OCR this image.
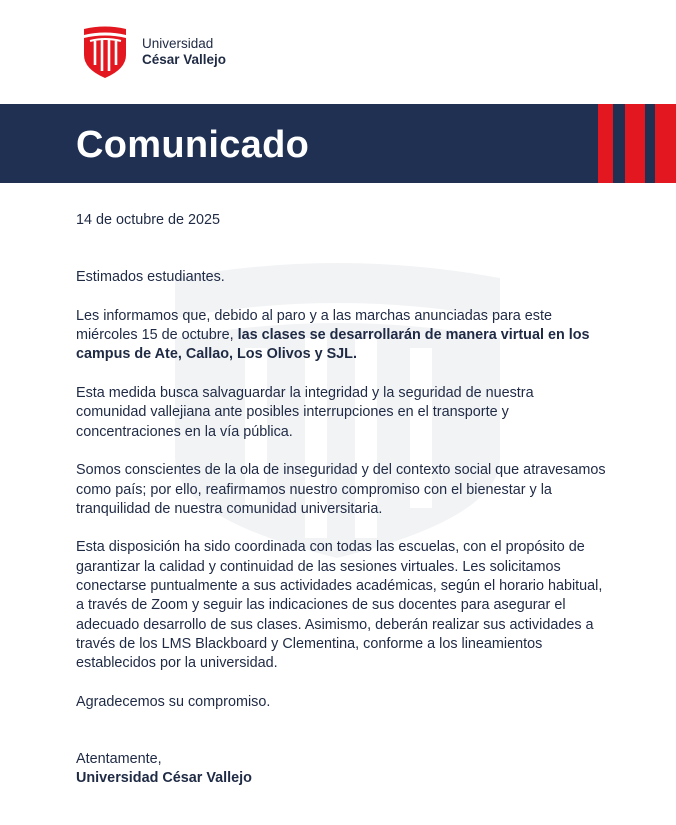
Universidad
César Vallejo
Comunicado

14 de octubre de 2025

Estimados estudiantes.

Les informamos que, debido al paro y a las marchas anunciadas para este miércoles 15 de octubre, las clases se desarrollarán de manera virtual en los campus de Ate, Callao, Los Olivos y SJL.

Esta medida busca salvaguardar la integridad y la seguridad de nuestra comunidad vallejiana ante posibles interrupciones en el transporte y concentraciones en la vía pública.

Somos conscientes de la ola de inseguridad y del contexto social que atravesamos como país; por ello, reafirmamos nuestro compromiso con el bienestar y la tranquilidad de nuestra comunidad universitaria.

Esta disposición ha sido coordinada con todas las escuelas, con el propósito de garantizar la calidad y continuidad de las sesiones virtuales. Les solicitamos conectarse puntualmente a sus actividades académicas, según el horario habitual, a través de Zoom y seguir las indicaciones de sus docentes para asegurar el adecuado desarrollo de sus clases. Asimismo, deberán realizar sus actividades a través de los LMS Blackboard y Clementina, conforme a los lineamientos establecidos por la universidad.

Agradecemos su compromiso.

Atentamente,

Universidad César Vallejo
